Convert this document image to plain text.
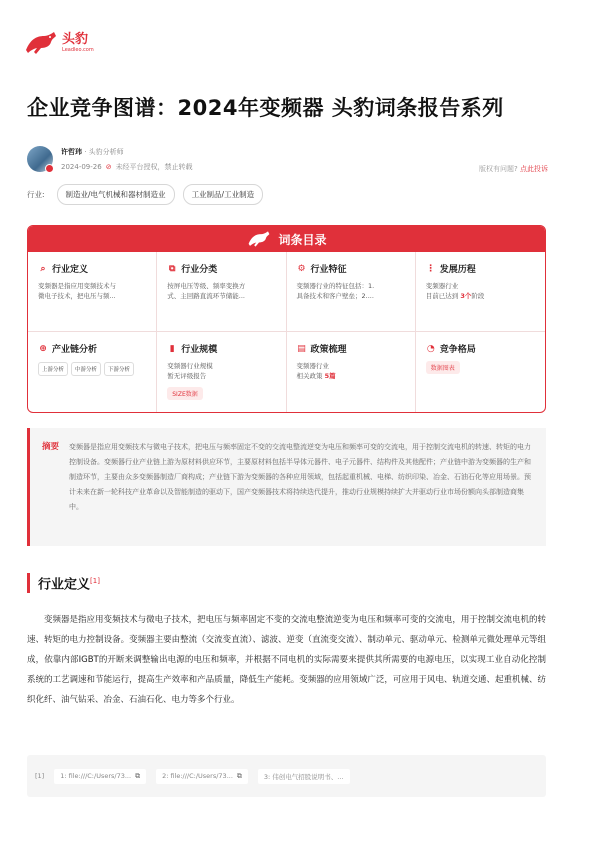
头豹
Leadleo.com
企业竞争图谱：2024年变频器 头豹词条报告系列
许哲玮 · 头豹分析师
2024-09-26 ⊘ 未经平台授权，禁止转载	版权有问题? 点此投诉
行业:	制造业/电气机械和器材制造业	工业制品/工业制造
词条目录
⌕ 行业定义
变频器是指应用变频技术与
微电子技术，把电压与频...
⧉ 行业分类
按屏电压等级、频率变换方
式、主回路直流环节储能...
⚙ 行业特征
变频器行业的特征包括：1.
具备技术和客户壁垒；2....
⋮ 发展历程
变频器行业
目前已达到 3个阶段
⊕ 产业链分析
上游分析	中游分析	下游分析
▮ 行业规模
变频器行业规模
暂无评级报告
SIZE数据
▤ 政策梳理
变频器行业
相关政策 5篇
◔ 竞争格局
数据图表
摘要 变频器是指应用变频技术与微电子技术，把电压与频率固定不变的交流电整流逆变为电压和频率可变的交流电，用于控制交流电机的转速、转矩的电力控制设备。变频器行业产业链上游为原材料供应环节，主要原材料包括半导体元器件、电子元器件、结构件及其他配件；产业链中游为变频器的生产和制造环节，主要由众多变频器制造厂商构成；产业链下游为变频器的各种应用领域，包括起重机械、电梯、纺织印染、冶金、石油石化等应用场景。预计未来在新一轮科技产业革命以及智能制造的驱动下，国产变频器技术将持续迭代提升，推动行业规模持续扩大并驱动行业市场份额向头部制造商集中。

行业定义[1]

变频器是指应用变频技术与微电子技术，把电压与频率固定不变的交流电整流逆变为电压和频率可变的交流电，用于控制交流电机的转速、转矩的电力控制设备。变频器主要由整流（交流变直流）、滤波、逆变（直流变交流）、制动单元、驱动单元、检测单元微处理单元等组成，依靠内部IGBT的开断来调整输出电源的电压和频率，并根据不同电机的实际需要来提供其所需要的电源电压，以实现工业自动化控制系统的工艺调速和节能运行，提高生产效率和产品质量，降低生产能耗。变频器的应用领域广泛，可应用于风电、轨道交通、起重机械、纺织化纤、油气钻采、冶金、石油石化、电力等多个行业。

[1] 1: file:///C:/Users/73... ⧉	2: file:///C:/Users/73... ⧉	3: 伟创电气招股说明书、...
